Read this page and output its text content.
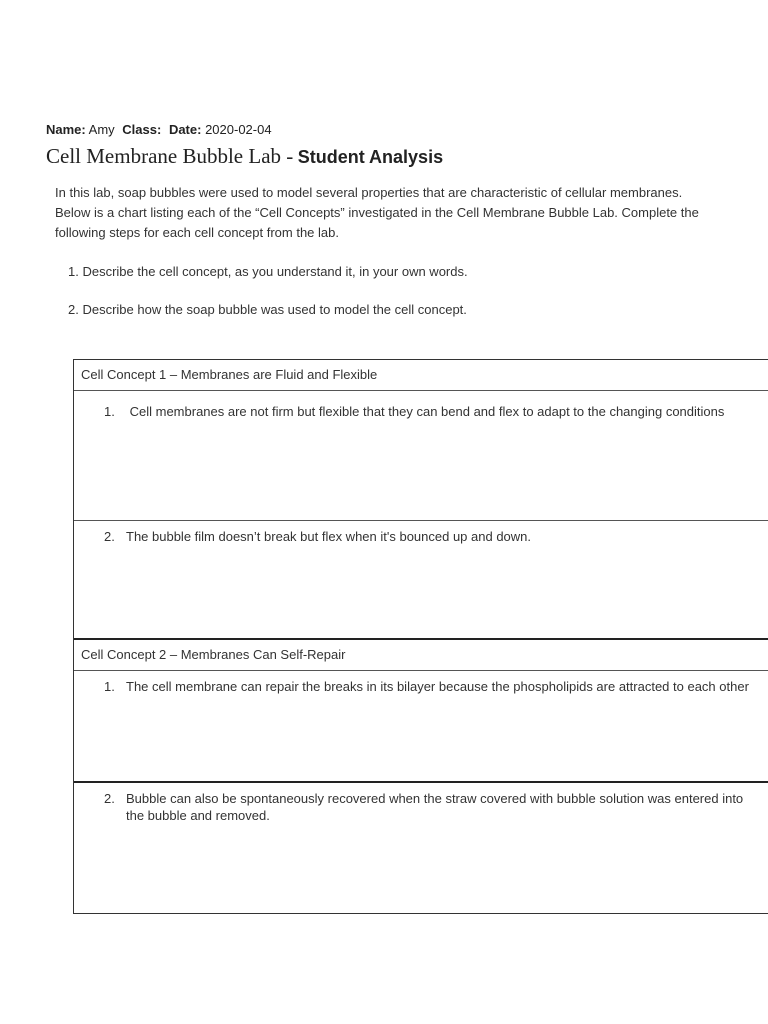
Name: Amy Class: Date: 2020-02-04
Cell Membrane Bubble Lab - Student Analysis
In this lab, soap bubbles were used to model several properties that are characteristic of cellular membranes. Below is a chart listing each of the “Cell Concepts” investigated in the Cell Membrane Bubble Lab. Complete the following steps for each cell concept from the lab.
1. Describe the cell concept, as you understand it, in your own words.
2. Describe how the soap bubble was used to model the cell concept.
Cell Concept 1 – Membranes are Fluid and Flexible
1. Cell membranes are not firm but flexible that they can bend and flex to adapt to the changing conditions
2. The bubble film doesn’t break but flex when it's bounced up and down.
Cell Concept 2 – Membranes Can Self-Repair
1. The cell membrane can repair the breaks in its bilayer because the phospholipids are attracted to each other
2. Bubble can also be spontaneously recovered when the straw covered with bubble solution was entered into
the bubble and removed.
